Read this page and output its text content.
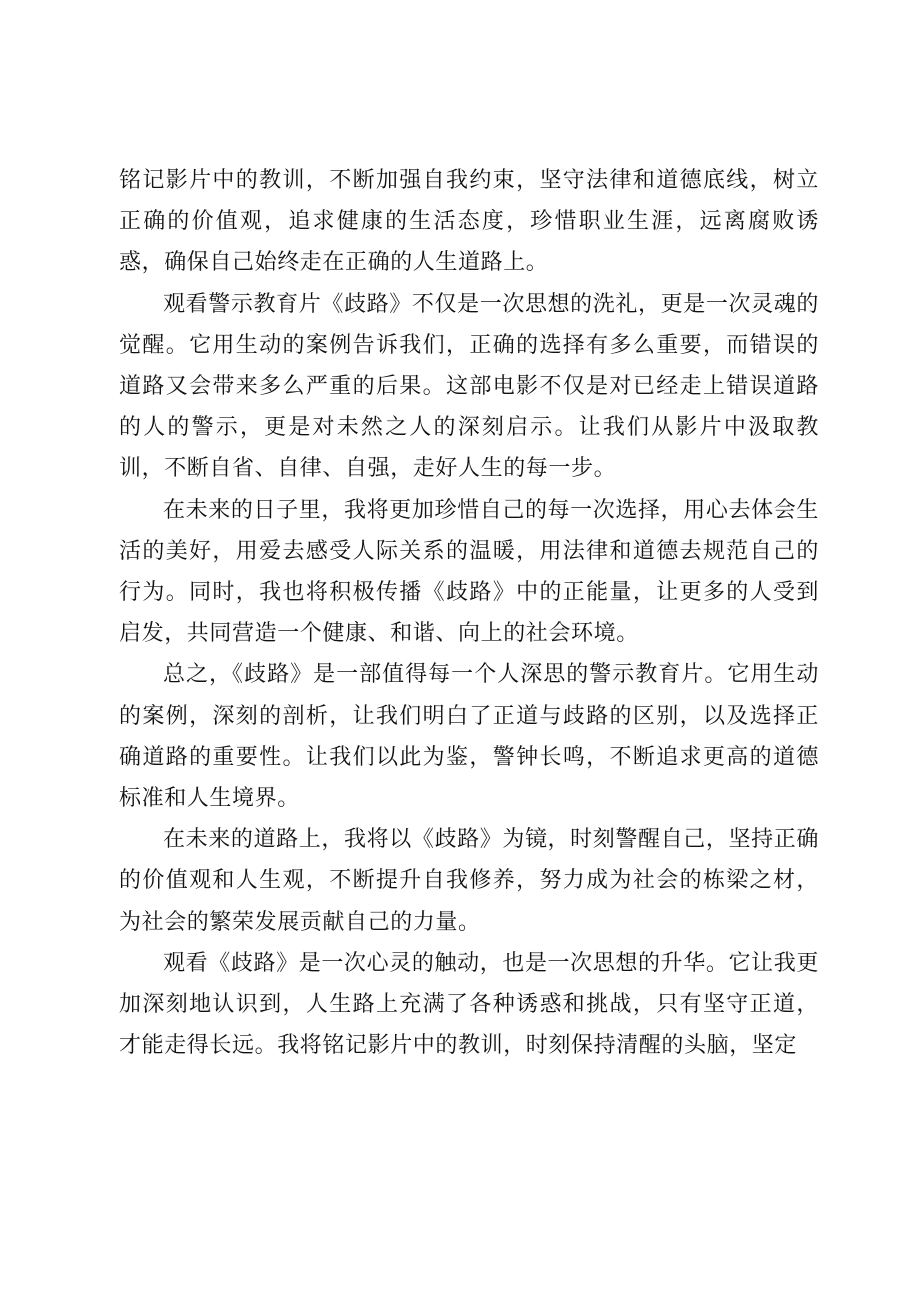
铭记影片中的教训，不断加强自我约束，坚守法律和道德底线，树立正确的价值观，追求健康的生活态度，珍惜职业生涯，远离腐败诱惑，确保自己始终走在正确的人生道路上。

观看警示教育片《歧路》不仅是一次思想的洗礼，更是一次灵魂的觉醒。它用生动的案例告诉我们，正确的选择有多么重要，而错误的道路又会带来多么严重的后果。这部电影不仅是对已经走上错误道路的人的警示，更是对未然之人的深刻启示。让我们从影片中汲取教训，不断自省、自律、自强，走好人生的每一步。

在未来的日子里，我将更加珍惜自己的每一次选择，用心去体会生活的美好，用爱去感受人际关系的温暖，用法律和道德去规范自己的行为。同时，我也将积极传播《歧路》中的正能量，让更多的人受到启发，共同营造一个健康、和谐、向上的社会环境。

总之，《歧路》是一部值得每一个人深思的警示教育片。它用生动的案例，深刻的剖析，让我们明白了正道与歧路的区别，以及选择正确道路的重要性。让我们以此为鉴，警钟长鸣，不断追求更高的道德标准和人生境界。

在未来的道路上，我将以《歧路》为镜，时刻警醒自己，坚持正确的价值观和人生观，不断提升自我修养，努力成为社会的栋梁之材，为社会的繁荣发展贡献自己的力量。

观看《歧路》是一次心灵的触动，也是一次思想的升华。它让我更加深刻地认识到，人生路上充满了各种诱惑和挑战，只有坚守正道，才能走得长远。我将铭记影片中的教训，时刻保持清醒的头脑，坚定
